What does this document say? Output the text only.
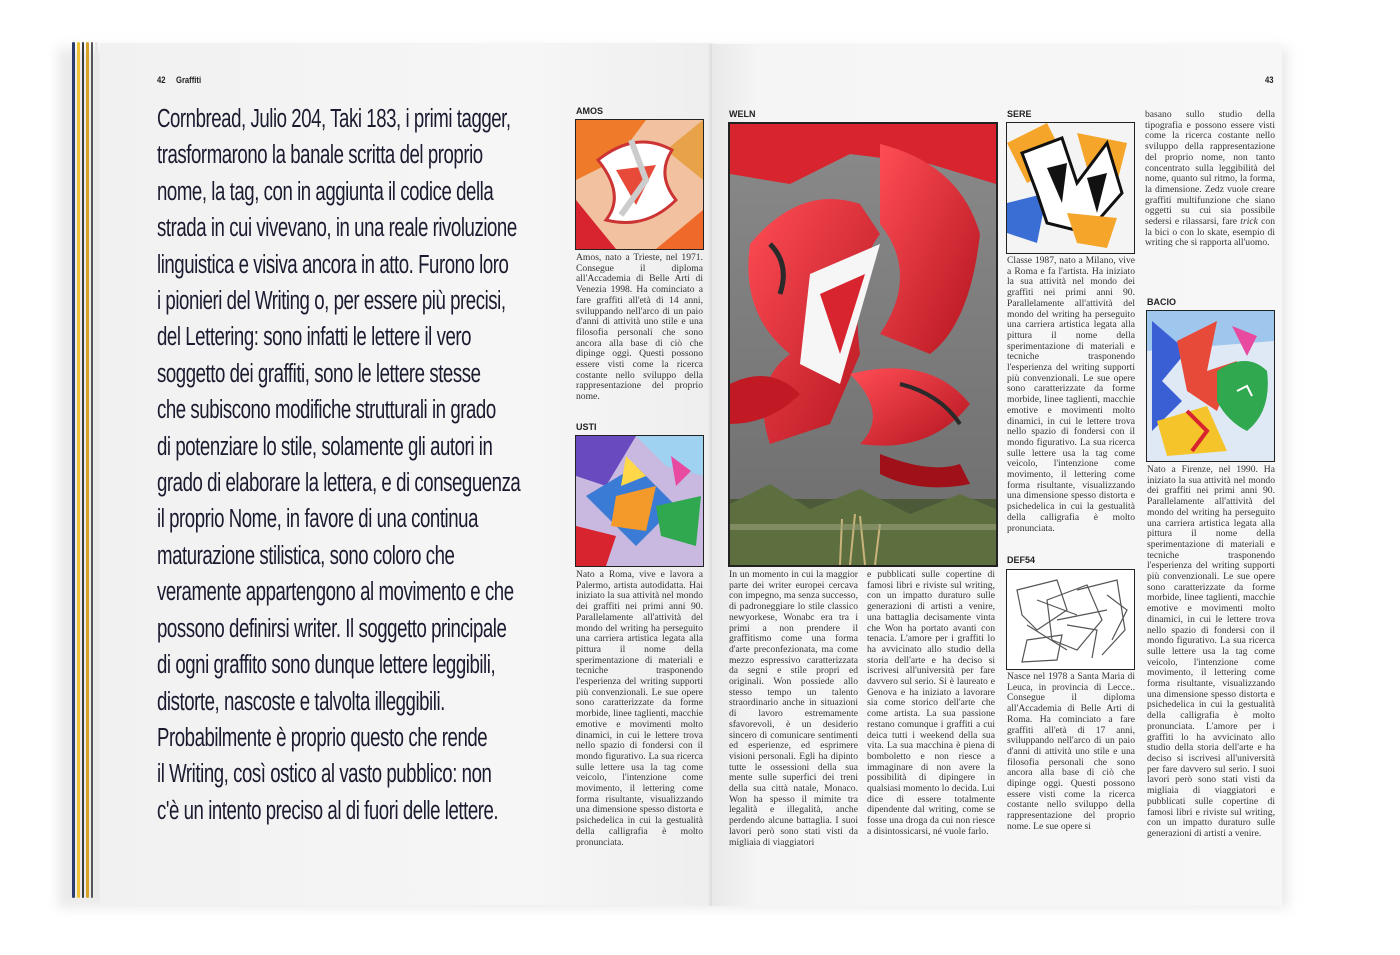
42 Graffiti
Cornbread, Julio 204, Taki 183, i primi tagger,
trasformarono la banale scritta del proprio
nome, la tag, con in aggiunta il codice della
strada in cui vivevano, in una reale rivoluzione
linguistica e visiva ancora in atto. Furono loro
i pionieri del Writing o, per essere più precisi,
del Lettering: sono infatti le lettere il vero
soggetto dei graffiti, sono le lettere stesse
che subiscono modifiche strutturali in grado
di potenziare lo stile, solamente gli autori in
grado di elaborare la lettera, e di conseguenza
il proprio Nome, in favore di una continua
maturazione stilistica, sono coloro che
veramente appartengono al movimento e che
possono definirsi writer. Il soggetto principale
di ogni graffito sono dunque lettere leggibili,
distorte, nascoste e talvolta illeggibili.
Probabilmente è proprio questo che rende
il Writing, così ostico al vasto pubblico: non
c'è un intento preciso al di fuori delle lettere.
AMOS
Amos, nato a Trieste, nel 1971. Consegue il diploma all'Accademia di Belle Arti di Venezia 1998. Ha cominciato a fare graffiti all'età di 14 anni, sviluppando nell'arco di un paio d'anni di attività uno stile e una filosofia personali che sono ancora alla base di ciò che dipinge oggi. Questi possono essere visti come la ricerca costante nello sviluppo della rappresentazione del proprio nome.
USTI
Nato a Roma, vive e lavora a Palermo, artista autodidatta. Hai iniziato la sua attività nel mondo dei graffiti nei primi anni 90. Parallelamente all'attività del mondo del writing ha perseguito una carriera artistica legata alla pittura il nome della sperimentazione di materiali e tecniche trasponendo l'esperienza del writing supporti più convenzionali. Le sue opere sono caratterizzate da forme morbide, linee taglienti, macchie emotive e movimenti molto dinamici, in cui le lettere trova nello spazio di fondersi con il mondo figurativo. La sua ricerca sulle lettere usa la tag come veicolo, l'intenzione come movimento, il lettering come forma risultante, visualizzando una dimensione spesso distorta e psichedelica in cui la gestualità della calligrafia è molto pronunciata.
43
WELN
In un momento in cui la maggior parte dei writer europei cercava con impegno, ma senza successo, di padroneggiare lo stile classico newyorkese, Wonabc era tra i primi a non prendere il graffitismo come una forma d'arte preconfezionata, ma come mezzo espressivo caratterizzata da segni e stile propri ed originali. Won possiede allo stesso tempo un talento straordinario anche in situazioni di lavoro estremamente sfavorevoli, è un desiderio sincero di comunicare sentimenti ed esperienze, ed esprimere visioni personali. Egli ha dipinto tutte le ossessioni della sua mente sulle superfici dei treni della sua città natale, Monaco. Won ha spesso il mimite tra legalità e illegalità, anche perdendo alcune battaglia. I suoi lavori però sono stati visti da migliaia di viaggiatori
e pubblicati sulle copertine di famosi libri e riviste sul writing, con un impatto duraturo sulle generazioni di artisti a venire, una battaglia decisamente vinta che Won ha portato avanti con tenacia. L'amore per i graffiti lo ha avvicinato allo studio della storia dell'arte e ha deciso si iscrivesi all'università per fare davvero sul serio. Si è laureato e Genova e ha iniziato a lavorare sia come storico dell'arte che come artista. La sua passione restano comunque i graffiti a cui deica tutti i weekend della sua vita. La sua macchina è piena di bomboletto e non riesce a immaginare di non avere la possibilità di dipingere in qualsiasi momento lo decida. Lui dice di essere totalmente dipendente dal writing, come se fosse una droga da cui non riesce a disintossicarsi, né vuole farlo.
SERE
Classe 1987, nato a Milano, vive a Roma e fa l'artista. Ha iniziato la sua attività nel mondo dei graffiti nei primi anni 90. Parallelamente all'attività del mondo del writing ha perseguito una carriera artistica legata alla pittura il nome della sperimentazione di materiali e tecniche trasponendo l'esperienza del writing supporti più convenzionali. Le sue opere sono caratterizzate da forme morbide, linee taglienti, macchie emotive e movimenti molto dinamici, in cui le lettere trova nello spazio di fondersi con il mondo figurativo. La sua ricerca sulle lettere usa la tag come veicolo, l'intenzione come movimento, il lettering come forma risultante, visualizzando una dimensione spesso distorta e psichedelica in cui la gestualità della calligrafia è molto pronunciata.
DEF54
Nasce nel 1978 a Santa Maria di Leuca, in provincia di Lecce.. Consegue il diploma all'Accademia di Belle Arti di Roma. Ha cominciato a fare graffiti all'età di 17 anni, sviluppando nell'arco di un paio d'anni di attività uno stile e una filosofia personali che sono ancora alla base di ciò che dipinge oggi. Questi possono essere visti come la ricerca costante nello sviluppo della rappresentazione del proprio nome. Le sue opere si
basano sullo studio della tipografia e possono essere visti come la ricerca costante nello sviluppo della rappresentazione del proprio nome, non tanto concentrato sulla leggibilità del nome, quanto sul ritmo, la forma, la dimensione. Zedz vuole creare graffiti multifunzione che siano oggetti su cui sia possibile sedersi e rilassarsi, fare trick con la bici o con lo skate, esempio di writing che si rapporta all'uomo.
BACIO
Nato a Firenze, nel 1990. Ha iniziato la sua attività nel mondo dei graffiti nei primi anni 90. Parallelamente all'attività del mondo del writing ha perseguito una carriera artistica legata alla pittura il nome della sperimentazione di materiali e tecniche trasponendo l'esperienza del writing supporti più convenzionali. Le sue opere sono caratterizzate da forme morbide, linee taglienti, macchie emotive e movimenti molto dinamici, in cui le lettere trova nello spazio di fondersi con il mondo figurativo. La sua ricerca sulle lettere usa la tag come veicolo, l'intenzione come movimento, il lettering come forma risultante, visualizzando una dimensione spesso distorta e psichedelica in cui la gestualità della calligrafia è molto pronunciata. L'amore per i graffiti lo ha avvicinato allo studio della storia dell'arte e ha deciso si iscrivesi all'università per fare davvero sul serio. I suoi lavori però sono stati visti da migliaia di viaggiatori e pubblicati sulle copertine di famosi libri e riviste sul writing, con un impatto duraturo sulle generazioni di artisti a venire.
